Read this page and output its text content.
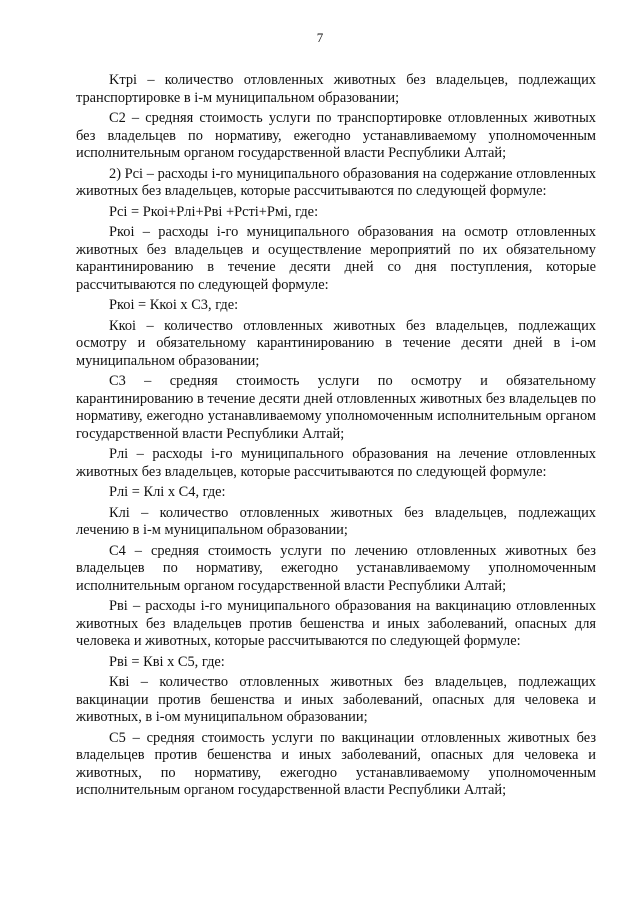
7

Kтрi – количество отловленных животных без владельцев, подлежащих транспортировке в i-м муниципальном образовании;

С2 – средняя стоимость услуги по транспортировке отловленных животных без владельцев по нормативу, ежегодно устанавливаемому уполномоченным исполнительным органом государственной власти Республики Алтай;

2) Рсi – расходы i-го муниципального образования на содержание отловленных животных без владельцев, которые рассчитываются по следующей формуле:

Рсi = Ркоi+Рлi+Рвi +Рстi+Рмi, где:

Ркоi – расходы i-го муниципального образования на осмотр отловленных животных без владельцев и осуществление мероприятий по их обязательному карантинированию в течение десяти дней со дня поступления, которые рассчитываются по следующей формуле:

Ркоi = Ккоi х С3, где:

Ккоi – количество отловленных животных без владельцев, подлежащих осмотру и обязательному карантинированию в течение десяти дней в i-ом муниципальном образовании;

С3 – средняя стоимость услуги по осмотру и обязательному карантинированию в течение десяти дней отловленных животных без владельцев по нормативу, ежегодно устанавливаемому уполномоченным исполнительным органом государственной власти Республики Алтай;

Рлi – расходы i-го муниципального образования на лечение отловленных животных без владельцев, которые рассчитываются по следующей формуле:

Рлi = Клi х С4, где:

Клi – количество отловленных животных без владельцев, подлежащих лечению в i-м муниципальном образовании;

С4 – средняя стоимость услуги по лечению отловленных животных без владельцев по нормативу, ежегодно устанавливаемому уполномоченным исполнительным органом государственной власти Республики Алтай;

Рвi – расходы i-го муниципального образования на вакцинацию отловленных животных без владельцев против бешенства и иных заболеваний, опасных для человека и животных, которые рассчитываются по следующей формуле:

Рвi = Квi х С5, где:

Квi – количество отловленных животных без владельцев, подлежащих вакцинации против бешенства и иных заболеваний, опасных для человека и животных, в i-ом муниципальном образовании;

С5 – средняя стоимость услуги по вакцинации отловленных животных без владельцев против бешенства и иных заболеваний, опасных для человека и животных, по нормативу, ежегодно устанавливаемому уполномоченным исполнительным органом государственной власти Республики Алтай;
